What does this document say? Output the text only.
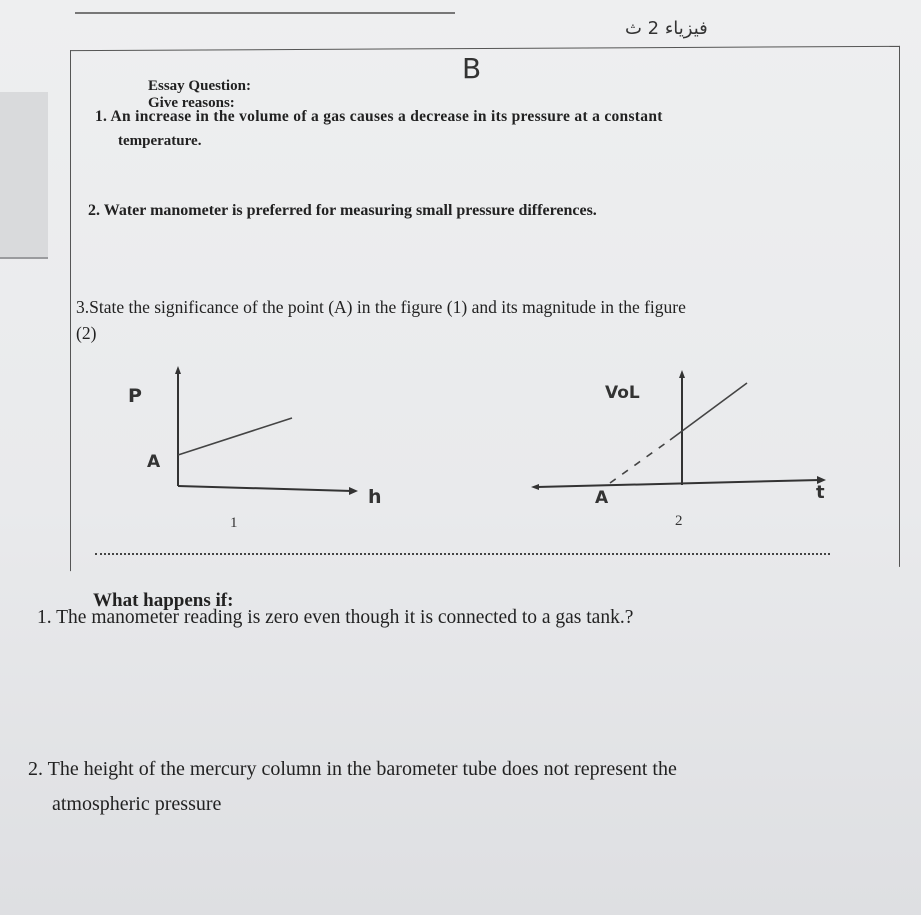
فيزياء 2 ث
B
Essay Question:
Give reasons:
1. An increase in the volume of a gas causes a decrease in its pressure at a constant
temperature.
2. Water manometer is preferred for measuring small pressure differences.
3.State the significance of the point (A) in the figure (1) and its magnitude in the figure
(2)
P
A
h
1
VoL
A	t
2
What happens if:
1. The manometer reading is zero even though it is connected to a gas tank.?
2. The height of the mercury column in the barometer tube does not represent the
atmospheric pressure
